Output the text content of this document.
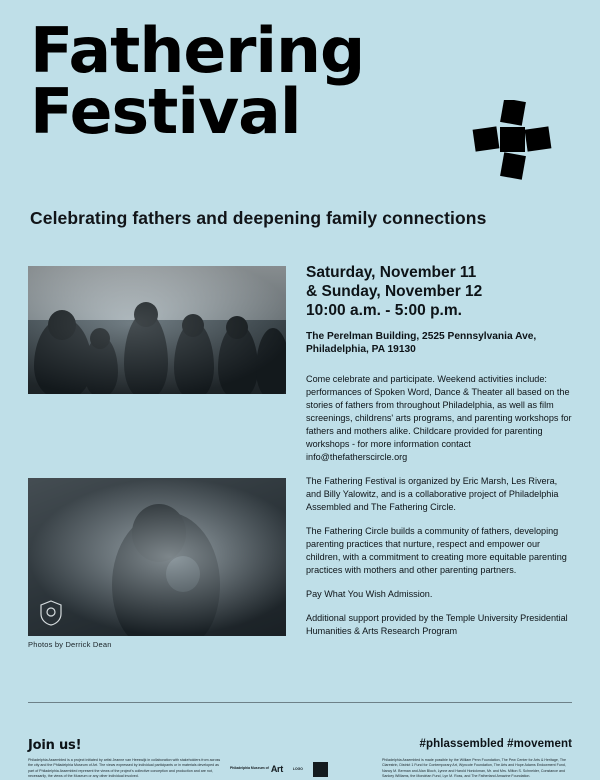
Fathering
Festival
Celebrating fathers and deepening family connections
Photos by Derrick Dean
Saturday, November 11
& Sunday, November 12
10:00 a.m. - 5:00 p.m.
The Perelman Building, 2525 Pennsylvania Ave,
Philadelphia, PA 19130

Come celebrate and participate. Weekend activities include: performances of Spoken Word, Dance & Theater all based on the stories of fathers from throughout Philadelphia, as well as film screenings, childrens' arts programs, and parenting workshops for fathers and mothers alike. Childcare provided for parenting workshops - for more information contact info@thefatherscircle.org

The Fathering Festival is organized by Eric Marsh, Les Rivera, and Billy Yalowitz, and is a collaborative project of Philadelphia Assembled and The Fathering Circle.

The Fathering Circle builds a community of fathers, developing parenting practices that nurture, respect and empower our children, with a commitment to creating more equitable parenting practices with mothers and other parenting partners.

Pay What You Wish Admission.

Additional support provided by the Temple University Presidential Humanities & Arts Research Program

Join us!	#phlassembled #movement
Philadelphia Assembled is a project initiated by artist Jeanne van Heeswijk in collaboration with stakeholders from across the city and the Philadelphia Museum of Art. The views expressed by individual participants or in materials developed as part of Philadelphia Assembled represent the views of the project's collective conception and production and are not, necessarily, the views of the Museum or any other individual involved.
Philadelphia Assembled is made possible by the William Penn Foundation, The Pew Center for Arts & Heritage, The Clarestrin, District 1 Fund for Contemporary Art, Wyncote Foundation, The Arts and Hope Adams Endowment Fund, Nancy M. Berman and Alan Bloch, Lynne and Harold Honickman, Mr. and Mrs. Milton S. Schneider, Constance and Sankey Williams, the Mondrian Fund, Lyn M. Ross, and The Fatherland Amazine Foundation.
Philadelphia Museum of Art	LOGO
